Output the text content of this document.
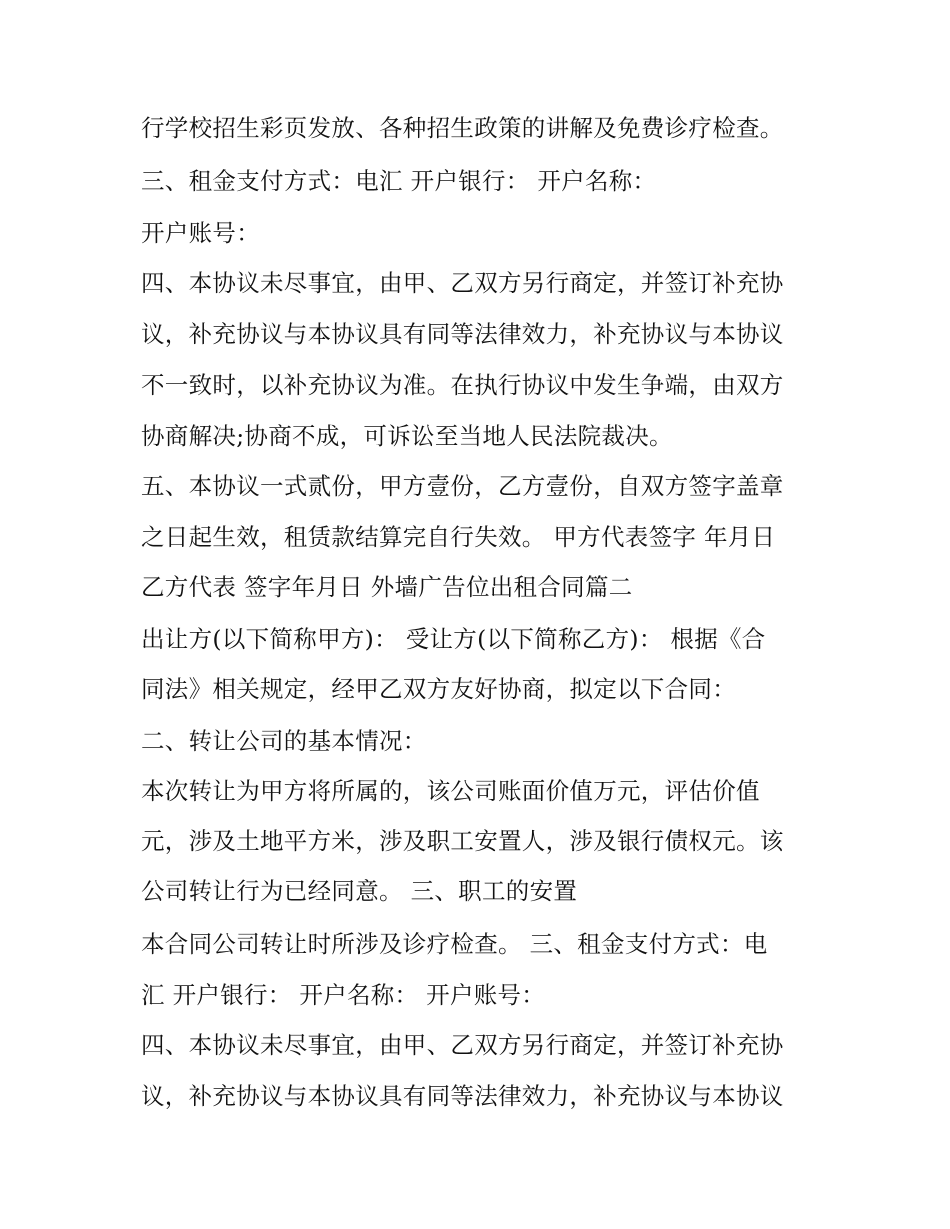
行学校招生彩页发放、各种招生政策的讲解及免费诊疗检查。
三、租金支付方式：电汇 开户银行： 开户名称：
开户账号：
四、本协议未尽事宜，由甲、乙双方另行商定，并签订补充协
议，补充协议与本协议具有同等法律效力，补充协议与本协议
不一致时，以补充协议为准。在执行协议中发生争端，由双方
协商解决;协商不成，可诉讼至当地人民法院裁决。
五、本协议一式贰份，甲方壹份，乙方壹份，自双方签字盖章
之日起生效，租赁款结算完自行失效。 甲方代表签字 年月日
乙方代表 签字年月日 外墙广告位出租合同篇二
出让方(以下简称甲方)： 受让方(以下简称乙方)： 根据《合
同法》相关规定，经甲乙双方友好协商，拟定以下合同：
二、转让公司的基本情况：
本次转让为甲方将所属的，该公司账面价值万元，评估价值
元，涉及土地平方米，涉及职工安置人，涉及银行债权元。该
公司转让行为已经同意。 三、职工的安置
本合同公司转让时所涉及诊疗检查。 三、租金支付方式：电
汇 开户银行： 开户名称： 开户账号：
四、本协议未尽事宜，由甲、乙双方另行商定，并签订补充协
议，补充协议与本协议具有同等法律效力，补充协议与本协议
